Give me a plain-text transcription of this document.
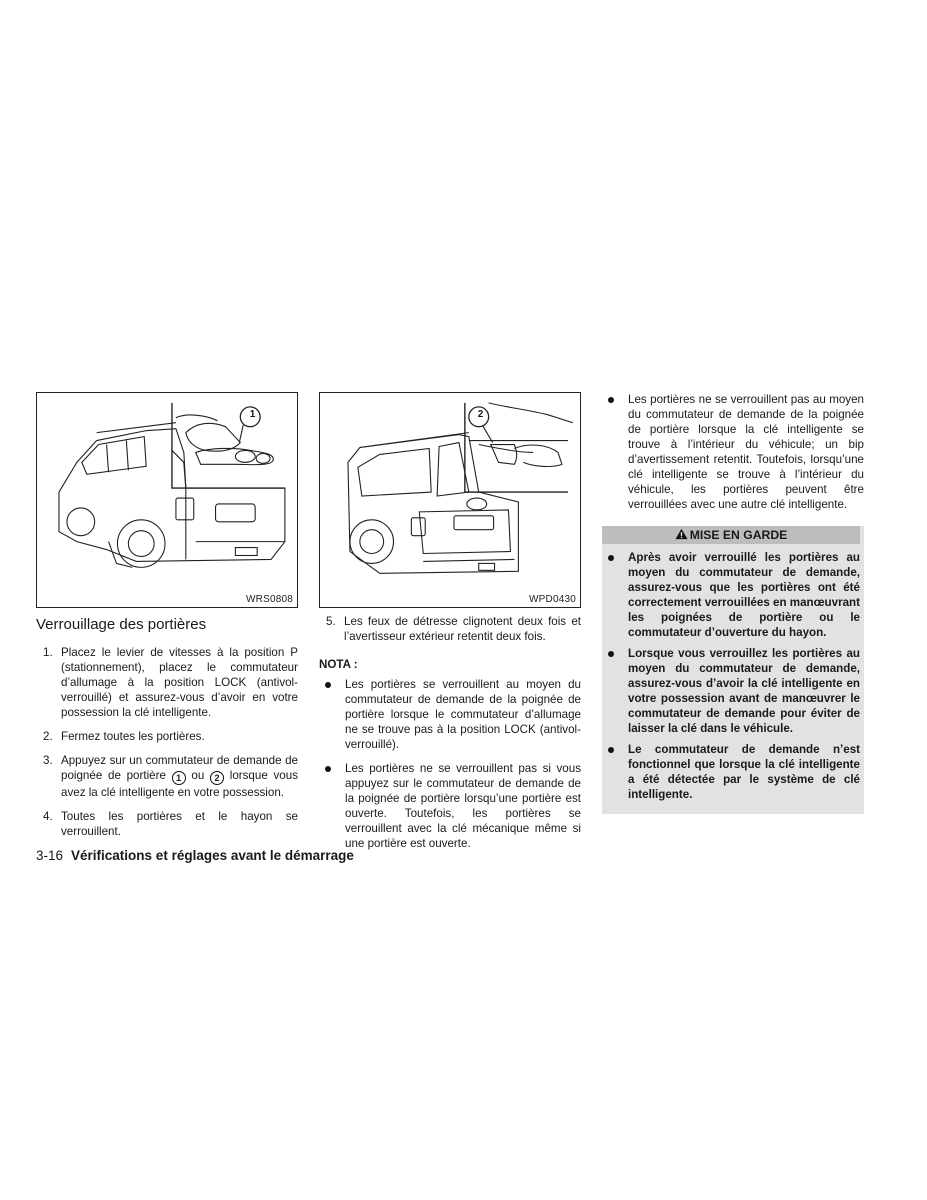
1
WRS0808
Verrouillage des portières
1. Placez le levier de vitesses à la position P (stationnement), placez le commutateur d’allumage à la position LOCK (antivol-verrouillé) et assurez-vous d’avoir en votre possession la clé intelligente.
2. Fermez toutes les portières.
3. Appuyez sur un commutateur de demande de poignée de portière 1 ou 2 lorsque vous avez la clé intelligente en votre possession.
4. Toutes les portières et le hayon se verrouillent.
2
WPD0430
5. Les feux de détresse clignotent deux fois et l’avertisseur extérieur retentit deux fois.
NOTA :
Les portières se verrouillent au moyen du commutateur de demande de la poignée de portière lorsque le commutateur d’allumage ne se trouve pas à la position LOCK (antivol-verrouillé).
Les portières ne se verrouillent pas si vous appuyez sur le commutateur de demande de la poignée de portière lorsqu’une portière est ouverte. Toutefois, les portières se verrouillent avec la clé mécanique même si une portière est ouverte.
Les portières ne se verrouillent pas au moyen du commutateur de demande de la poignée de portière lorsque la clé intelligente se trouve à l’intérieur du véhicule; un bip d’avertissement retentit. Toutefois, lorsqu’une clé intelligente se trouve à l’intérieur du véhicule, les portières peuvent être verrouillées avec une autre clé intelligente.
MISE EN GARDE
Après avoir verrouillé les portières au moyen du commutateur de demande, assurez-vous que les portières ont été correctement verrouillées en manœuvrant les poignées de portière ou le commutateur d’ouverture du hayon.
Lorsque vous verrouillez les portières au moyen du commutateur de demande, assurez-vous d’avoir la clé intelligente en votre possession avant de manœuvrer le commutateur de demande pour éviter de laisser la clé dans le véhicule.
Le commutateur de demande n’est fonctionnel que lorsque la clé intelligente a été détectée par le système de clé intelligente.
3-16 Vérifications et réglages avant le démarrage
